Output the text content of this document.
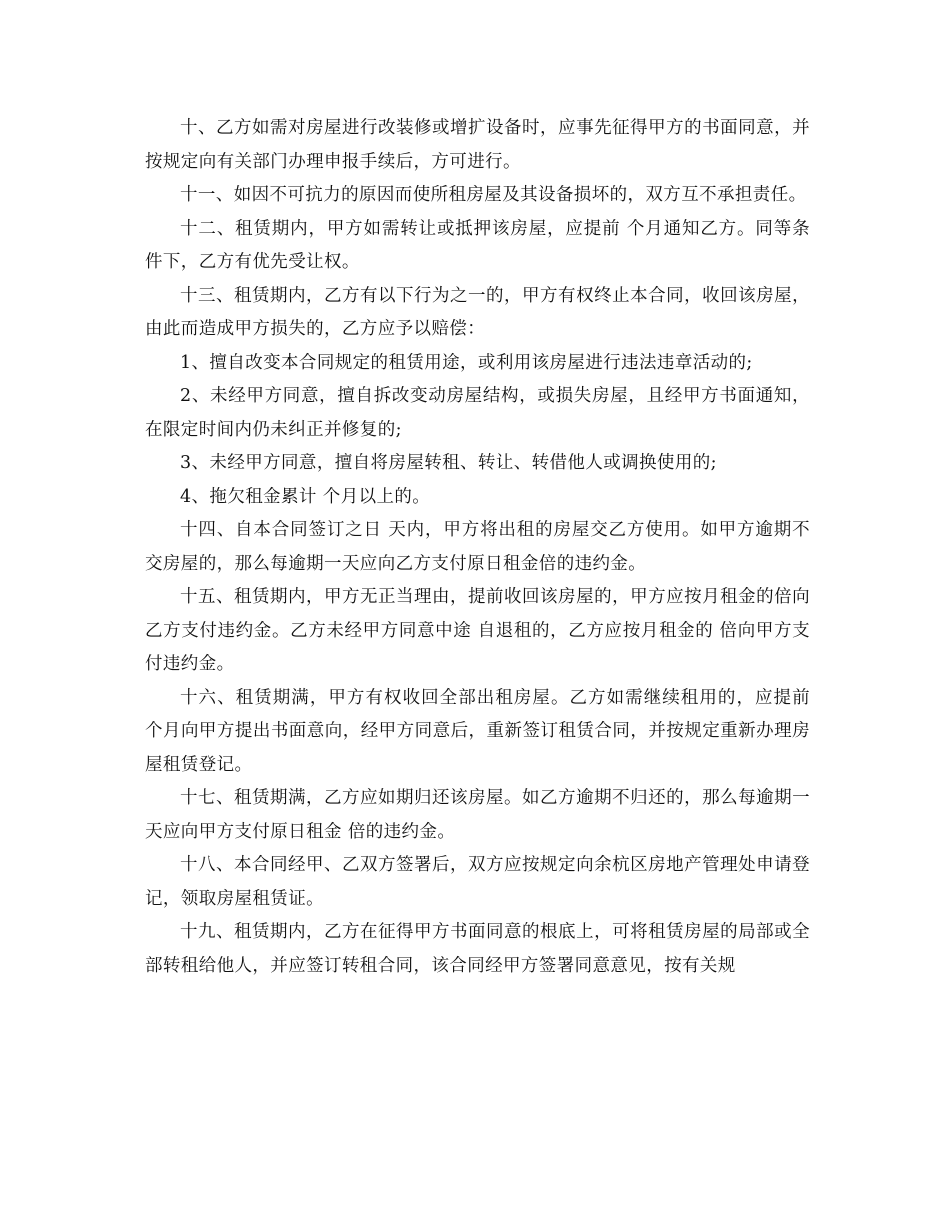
十、乙方如需对房屋进行改装修或增扩设备时，应事先征得甲方的书面同意，并按规定向有关部门办理申报手续后，方可进行。

十一、如因不可抗力的原因而使所租房屋及其设备损坏的，双方互不承担责任。

十二、租赁期内，甲方如需转让或抵押该房屋，应提前 个月通知乙方。同等条件下，乙方有优先受让权。

十三、租赁期内，乙方有以下行为之一的，甲方有权终止本合同，收回该房屋，由此而造成甲方损失的，乙方应予以赔偿：

1、擅自改变本合同规定的租赁用途，或利用该房屋进行违法违章活动的;

2、未经甲方同意，擅自拆改变动房屋结构，或损失房屋，且经甲方书面通知，在限定时间内仍未纠正并修复的;

3、未经甲方同意，擅自将房屋转租、转让、转借他人或调换使用的;

4、拖欠租金累计 个月以上的。

十四、自本合同签订之日 天内，甲方将出租的房屋交乙方使用。如甲方逾期不交房屋的，那么每逾期一天应向乙方支付原日租金倍的违约金。

十五、租赁期内，甲方无正当理由，提前收回该房屋的，甲方应按月租金的倍向乙方支付违约金。乙方未经甲方同意中途 自退租的，乙方应按月租金的 倍向甲方支付违约金。

十六、租赁期满，甲方有权收回全部出租房屋。乙方如需继续租用的，应提前 个月向甲方提出书面意向，经甲方同意后，重新签订租赁合同，并按规定重新办理房屋租赁登记。

十七、租赁期满，乙方应如期归还该房屋。如乙方逾期不归还的，那么每逾期一天应向甲方支付原日租金 倍的违约金。

十八、本合同经甲、乙双方签署后，双方应按规定向余杭区房地产管理处申请登记，领取房屋租赁证。

十九、租赁期内，乙方在征得甲方书面同意的根底上，可将租赁房屋的局部或全部转租给他人，并应签订转租合同，该合同经甲方签署同意意见，按有关规
